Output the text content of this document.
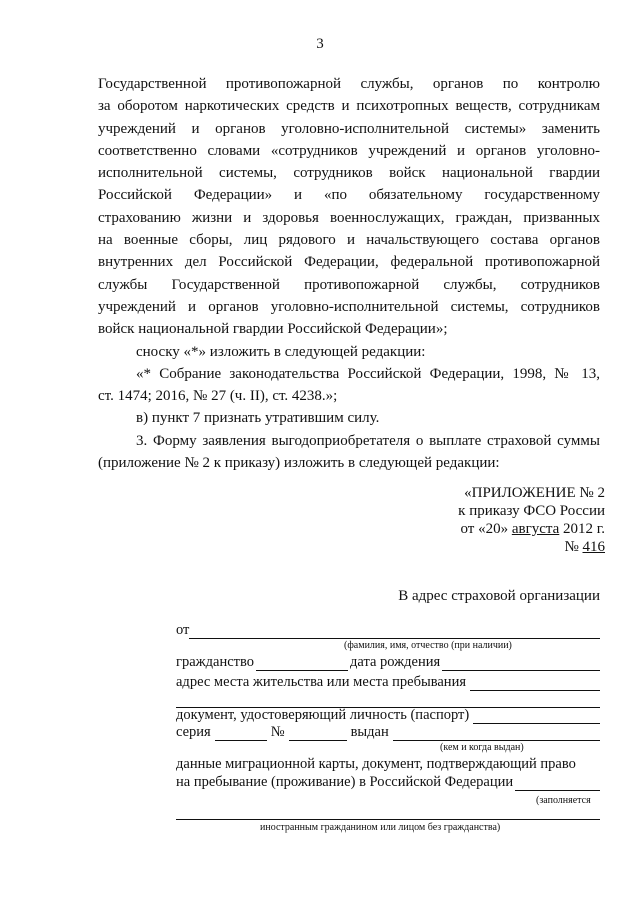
3
Государственной противопожарной службы, органов по контролю
за оборотом наркотических средств и психотропных веществ, сотрудникам
учреждений и органов уголовно-исполнительной системы» заменить
соответственно словами «сотрудников учреждений и органов уголовно-
исполнительной системы, сотрудников войск национальной гвардии
Российской Федерации» и «по обязательному государственному
страхованию жизни и здоровья военнослужащих, граждан, призванных
на военные сборы, лиц рядового и начальствующего состава органов
внутренних дел Российской Федерации, федеральной противопожарной
службы Государственной противопожарной службы, сотрудников
учреждений и органов уголовно-исполнительной системы, сотрудников
войск национальной гвардии Российской Федерации»;
сноску «*» изложить в следующей редакции:
«* Собрание законодательства Российской Федерации, 1998, № 13,
ст. 1474; 2016, № 27 (ч. II), ст. 4238.»;
в) пункт 7 признать утратившим силу.
3. Форму заявления выгодоприобретателя о выплате страховой суммы
(приложение № 2 к приказу) изложить в следующей редакции:
«ПРИЛОЖЕНИЕ № 2
к приказу ФСО России
от «20» августа 2012 г.
№ 416
В адрес страховой организации
от
(фамилия, имя, отчество (при наличии)
гражданство	дата рождения
адрес места жительства или места пребывания
документ, удостоверяющий личность (паспорт)
серия	№	выдан
(кем и когда выдан)
данные миграционной карты, документ, подтверждающий право
на пребывание (проживание) в Российской Федерации
(заполняется
иностранным гражданином или лицом без гражданства)
